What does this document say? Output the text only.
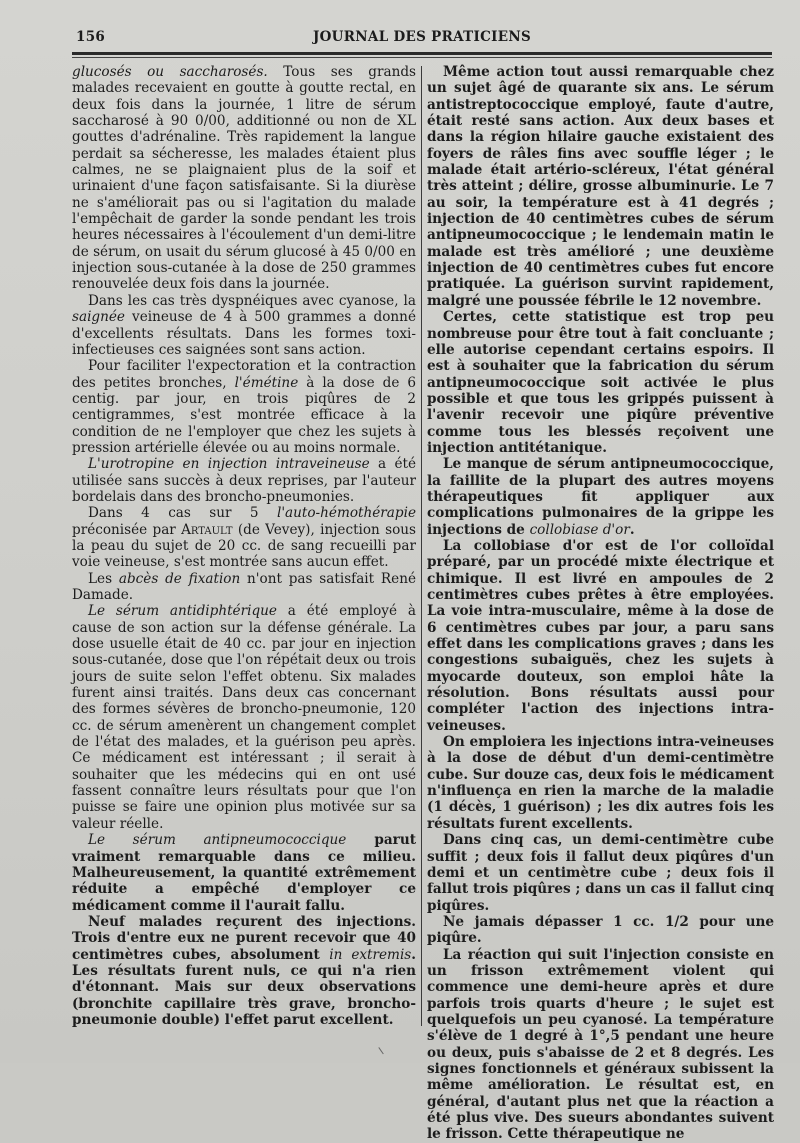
156	JOURNAL DES PRATICIENS

glucosés ou saccharosés. Tous ses grands malades recevaient en goutte à goutte rectal, en deux fois dans la journée, 1 litre de sérum saccharosé à 90 0/00, additionné ou non de XL gouttes d'adrénaline. Très rapidement la langue perdait sa sécheresse, les malades étaient plus calmes, ne se plaignaient plus de la soif et urinaient d'une façon satisfaisante. Si la diurèse ne s'améliorait pas ou si l'agitation du malade l'empêchait de garder la sonde pendant les trois heures nécessaires à l'écoulement d'un demi-litre de sérum, on usait du sérum glucosé à 45 0/00 en injection sous-cutanée à la dose de 250 grammes renouvelée deux fois dans la journée.

Dans les cas très dyspnéiques avec cyanose, la saignée veineuse de 4 à 500 grammes a donné d'excellents résultats. Dans les formes toxi-infectieuses ces saignées sont sans action.

Pour faciliter l'expectoration et la contraction des petites bronches, l'émétine à la dose de 6 centig. par jour, en trois piqûres de 2 centigrammes, s'est montrée efficace à la condition de ne l'employer que chez les sujets à pression artérielle élevée ou au moins normale.

L'urotropine en injection intraveineuse a été utilisée sans succès à deux reprises, par l'auteur bordelais dans des broncho-pneumonies.

Dans 4 cas sur 5 l'auto-hémothérapie préconisée par Artault (de Vevey), injection sous la peau du sujet de 20 cc. de sang recueilli par voie veineuse, s'est montrée sans aucun effet.

Les abcès de fixation n'ont pas satisfait René Damade.

Le sérum antidiphtérique a été employé à cause de son action sur la défense générale. La dose usuelle était de 40 cc. par jour en injection sous-cutanée, dose que l'on répétait deux ou trois jours de suite selon l'effet obtenu. Six malades furent ainsi traités. Dans deux cas concernant des formes sévères de broncho-pneumonie, 120 cc. de sérum amenèrent un changement complet de l'état des malades, et la guérison peu après. Ce médicament est intéressant ; il serait à souhaiter que les médecins qui en ont usé fassent connaître leurs résultats pour que l'on puisse se faire une opinion plus motivée sur sa valeur réelle.

Le sérum antipneumococcique parut vraiment remarquable dans ce milieu. Malheureusement, la quantité extrêmement réduite a empêché d'employer ce médicament comme il l'aurait fallu.

Neuf malades reçurent des injections. Trois d'entre eux ne purent recevoir que 40 centimètres cubes, absolument in extremis. Les résultats furent nuls, ce qui n'a rien d'étonnant. Mais sur deux observations (bronchite capillaire très grave, broncho-pneumonie double) l'effet parut excellent.

Même action tout aussi remarquable chez un sujet âgé de quarante six ans. Le sérum antistreptococcique employé, faute d'autre, était resté sans action. Aux deux bases et dans la région hilaire gauche existaient des foyers de râles fins avec souffle léger ; le malade était artério-scléreux, l'état général très atteint ; délire, grosse albuminurie. Le 7 au soir, la température est à 41 degrés ; injection de 40 centimètres cubes de sérum antipneumococcique ; le lendemain matin le malade est très amélioré ; une deuxième injection de 40 centimètres cubes fut encore pratiquée. La guérison survint rapidement, malgré une poussée fébrile le 12 novembre.

Certes, cette statistique est trop peu nombreuse pour être tout à fait concluante ; elle autorise cependant certains espoirs. Il est à souhaiter que la fabrication du sérum antipneumococcique soit activée le plus possible et que tous les grippés puissent à l'avenir recevoir une piqûre préventive comme tous les blessés reçoivent une injection antitétanique.

Le manque de sérum antipneumococcique, la faillite de la plupart des autres moyens thérapeutiques fit appliquer aux complications pulmonaires de la grippe les injections de collobiase d'or.

La collobiase d'or est de l'or colloïdal préparé, par un procédé mixte électrique et chimique. Il est livré en ampoules de 2 centimètres cubes prêtes à être employées. La voie intra-musculaire, même à la dose de 6 centimètres cubes par jour, a paru sans effet dans les complications graves ; dans les congestions subaiguës, chez les sujets à myocarde douteux, son emploi hâte la résolution. Bons résultats aussi pour compléter l'action des injections intra-veineuses.

On emploiera les injections intra-veineuses à la dose de début d'un demi-centimètre cube. Sur douze cas, deux fois le médicament n'influença en rien la marche de la maladie (1 décès, 1 guérison) ; les dix autres fois les résultats furent excellents.

Dans cinq cas, un demi-centimètre cube suffit ; deux fois il fallut deux piqûres d'un demi et un centimètre cube ; deux fois il fallut trois piqûres ; dans un cas il fallut cinq piqûres.

Ne jamais dépasser 1 cc. 1/2 pour une piqûre.

La réaction qui suit l'injection consiste en un frisson extrêmement violent qui commence une demi-heure après et dure parfois trois quarts d'heure ; le sujet est quelquefois un peu cyanosé. La température s'élève de 1 degré à 1°,5 pendant une heure ou deux, puis s'abaisse de 2 et 8 degrés. Les signes fonctionnels et généraux subissent la même amélioration. Le résultat est, en général, d'autant plus net que la réaction a été plus vive. Des sueurs abondantes suivent le frisson. Cette thérapeutique ne
